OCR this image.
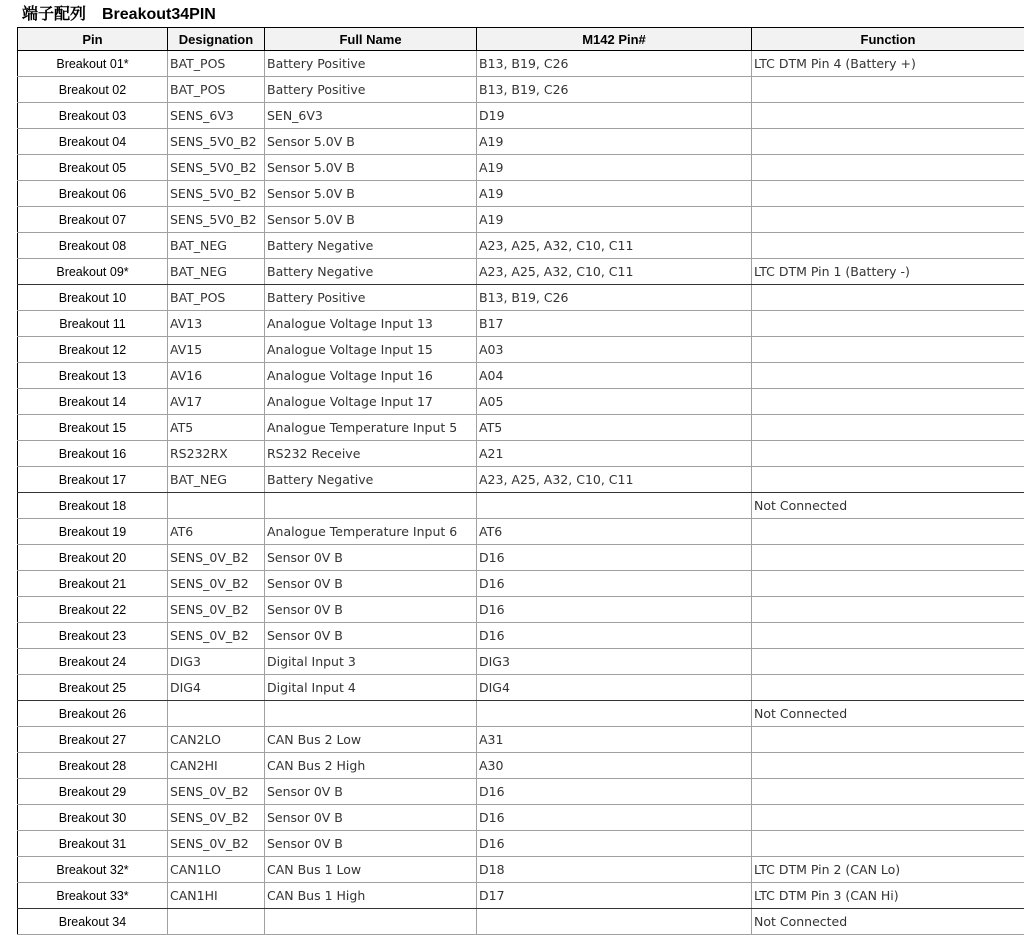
端子配列　Breakout34PIN
Pin	Designation	Full Name	M142 Pin#	Function
Breakout 01*	BAT_POS	Battery Positive	B13, B19, C26	LTC DTM Pin 4 (Battery +)
Breakout 02	BAT_POS	Battery Positive	B13, B19, C26	
Breakout 03	SENS_6V3	SEN_6V3	D19	
Breakout 04	SENS_5V0_B2	Sensor 5.0V B	A19	
Breakout 05	SENS_5V0_B2	Sensor 5.0V B	A19	
Breakout 06	SENS_5V0_B2	Sensor 5.0V B	A19	
Breakout 07	SENS_5V0_B2	Sensor 5.0V B	A19	
Breakout 08	BAT_NEG	Battery Negative	A23, A25, A32, C10, C11	
Breakout 09*	BAT_NEG	Battery Negative	A23, A25, A32, C10, C11	LTC DTM Pin 1 (Battery -)
Breakout 10	BAT_POS	Battery Positive	B13, B19, C26	
Breakout 11	AV13	Analogue Voltage Input 13	B17	
Breakout 12	AV15	Analogue Voltage Input 15	A03	
Breakout 13	AV16	Analogue Voltage Input 16	A04	
Breakout 14	AV17	Analogue Voltage Input 17	A05	
Breakout 15	AT5	Analogue Temperature Input 5	AT5	
Breakout 16	RS232RX	RS232 Receive	A21	
Breakout 17	BAT_NEG	Battery Negative	A23, A25, A32, C10, C11	
Breakout 18				Not Connected
Breakout 19	AT6	Analogue Temperature Input 6	AT6	
Breakout 20	SENS_0V_B2	Sensor 0V B	D16	
Breakout 21	SENS_0V_B2	Sensor 0V B	D16	
Breakout 22	SENS_0V_B2	Sensor 0V B	D16	
Breakout 23	SENS_0V_B2	Sensor 0V B	D16	
Breakout 24	DIG3	Digital Input 3	DIG3	
Breakout 25	DIG4	Digital Input 4	DIG4	
Breakout 26				Not Connected
Breakout 27	CAN2LO	CAN Bus 2 Low	A31	
Breakout 28	CAN2HI	CAN Bus 2 High	A30	
Breakout 29	SENS_0V_B2	Sensor 0V B	D16	
Breakout 30	SENS_0V_B2	Sensor 0V B	D16	
Breakout 31	SENS_0V_B2	Sensor 0V B	D16	
Breakout 32*	CAN1LO	CAN Bus 1 Low	D18	LTC DTM Pin 2 (CAN Lo)
Breakout 33*	CAN1HI	CAN Bus 1 High	D17	LTC DTM Pin 3 (CAN Hi)
Breakout 34				Not Connected
